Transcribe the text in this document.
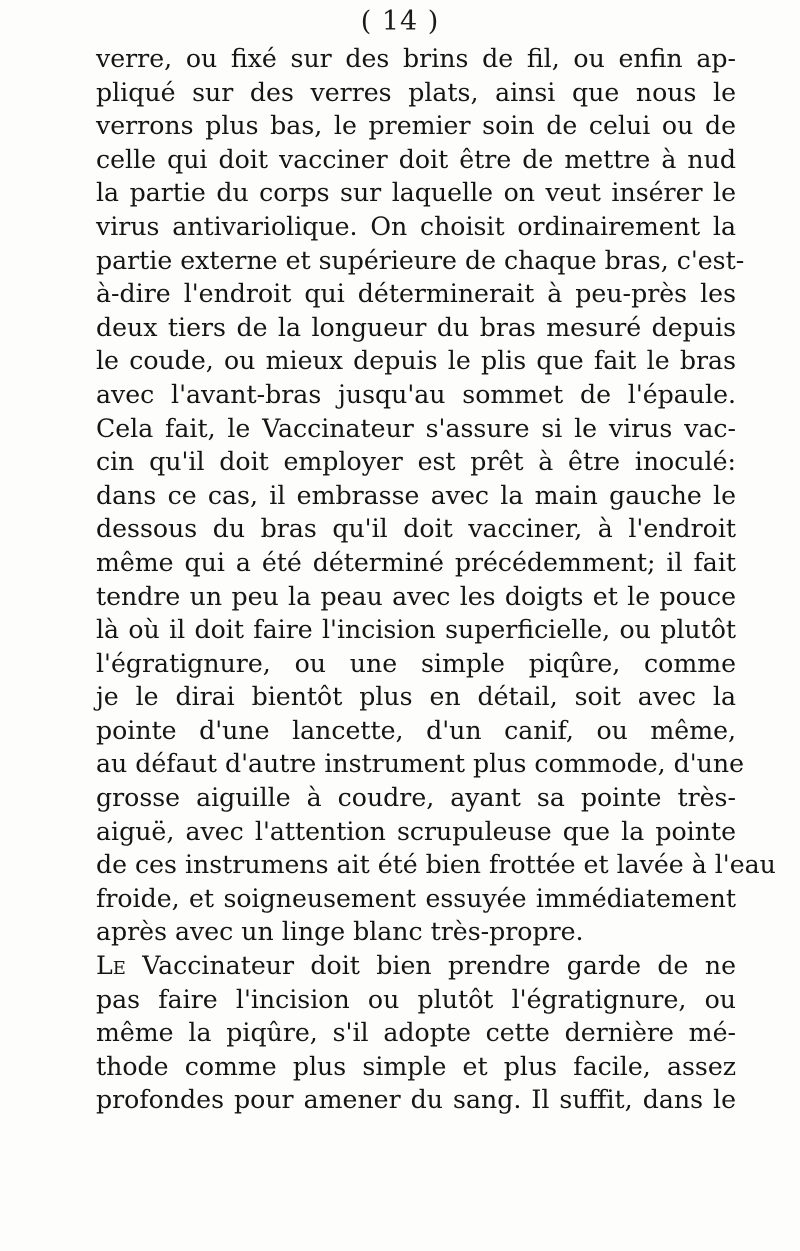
( 14 )
verre, ou fixé sur des brins de fil, ou enfin ap-
pliqué sur des verres plats, ainsi que nous le
verrons plus bas, le premier soin de celui ou de
celle qui doit vacciner doit être de mettre à nud
la partie du corps sur laquelle on veut insérer le
virus antivariolique. On choisit ordinairement la
partie externe et supérieure de chaque bras, c'est-
à-dire l'endroit qui déterminerait à peu-près les
deux tiers de la longueur du bras mesuré depuis
le coude, ou mieux depuis le plis que fait le bras
avec l'avant-bras jusqu'au sommet de l'épaule.
Cela fait, le Vaccinateur s'assure si le virus vac-
cin qu'il doit employer est prêt à être inoculé:
dans ce cas, il embrasse avec la main gauche le
dessous du bras qu'il doit vacciner, à l'endroit
même qui a été déterminé précédemment; il fait
tendre un peu la peau avec les doigts et le pouce
là où il doit faire l'incision superficielle, ou plutôt
l'égratignure, ou une simple piqûre, comme
je le dirai bientôt plus en détail, soit avec la
pointe d'une lancette, d'un canif, ou même,
au défaut d'autre instrument plus commode, d'une
grosse aiguille à coudre, ayant sa pointe très-
aiguë, avec l'attention scrupuleuse que la pointe
de ces instrumens ait été bien frottée et lavée à l'eau
froide, et soigneusement essuyée immédiatement
après avec un linge blanc très-propre.
Le Vaccinateur doit bien prendre garde de ne
pas faire l'incision ou plutôt l'égratignure, ou
même la piqûre, s'il adopte cette dernière mé-
thode comme plus simple et plus facile, assez
profondes pour amener du sang. Il suffit, dans le
